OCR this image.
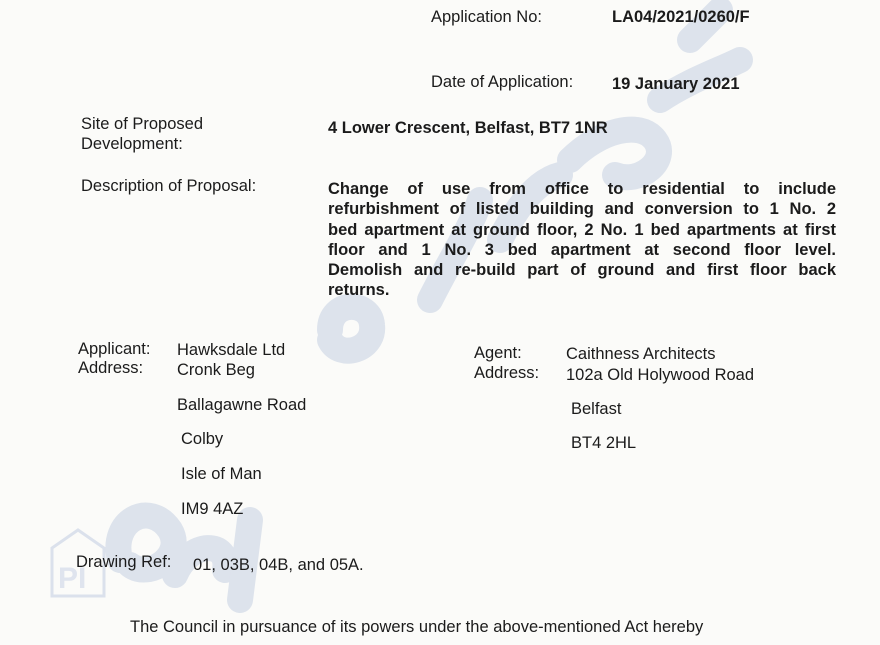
PI
Application No:	LA04/2021/0260/F
Date of Application: 19 January 2021
Site of Proposed
Development:
4 Lower Crescent, Belfast, BT7 1NR
Description of Proposal:	Change of use from office to residential to include
refurbishment of listed building and conversion to 1 No. 2
bed apartment at ground floor, 2 No. 1 bed apartments at first
floor and 1 No. 3 bed apartment at second floor level.
Demolish and re-build part of ground and first floor back
returns.
Applicant:
Address:
Hawksdale Ltd
Cronk Beg
Ballagawne Road
Colby
Isle of Man
IM9 4AZ
Agent:
Address:
Caithness Architects
102a Old Holywood Road
Belfast
BT4 2HL
Drawing Ref: 01, 03B, 04B, and 05A.
The Council in pursuance of its powers under the above-mentioned Act hereby
